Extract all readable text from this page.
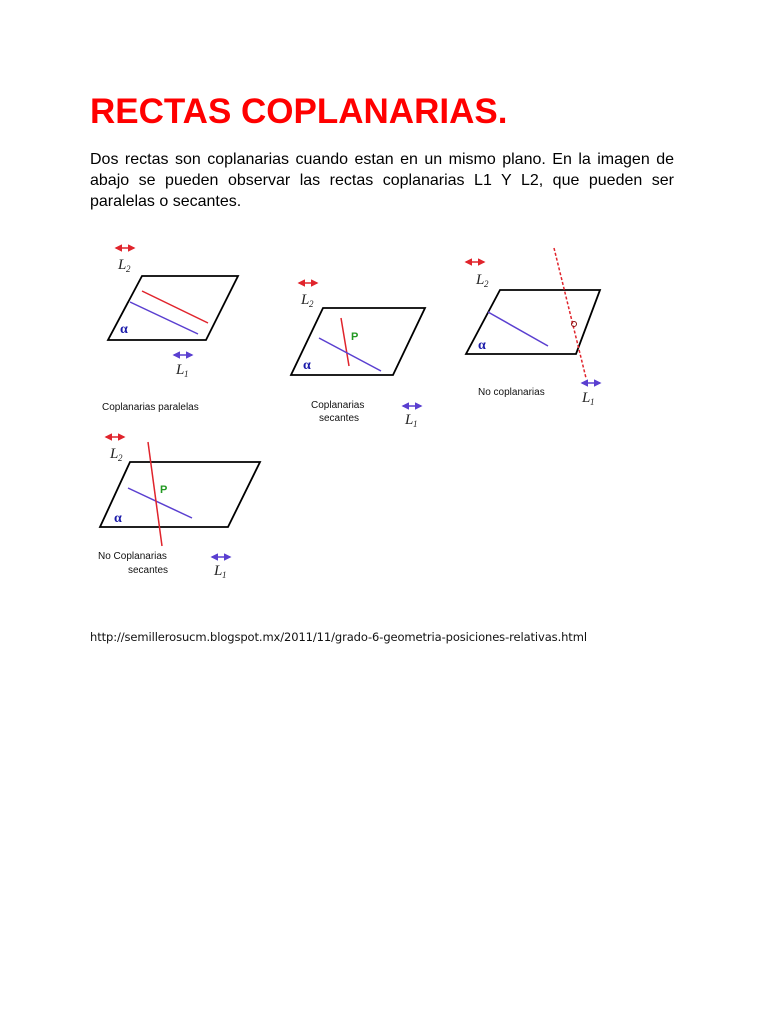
RECTAS COPLANARIAS.

Dos rectas son coplanarias cuando estan en un mismo plano. En la imagen de abajo se pueden observar las rectas coplanarias L1 Y L2, que pueden ser paralelas o secantes.

L 2
α
L 1
Coplanarias paralelas
L 2
α
P
Coplanarias
secantes	L 1
L 2
α
No coplanarias L 1
L 2
α
P
No Coplanarias
secantes	L 1

http://semillerosucm.blogspot.mx/2011/11/grado-6-geometria-posiciones-relativas.html
